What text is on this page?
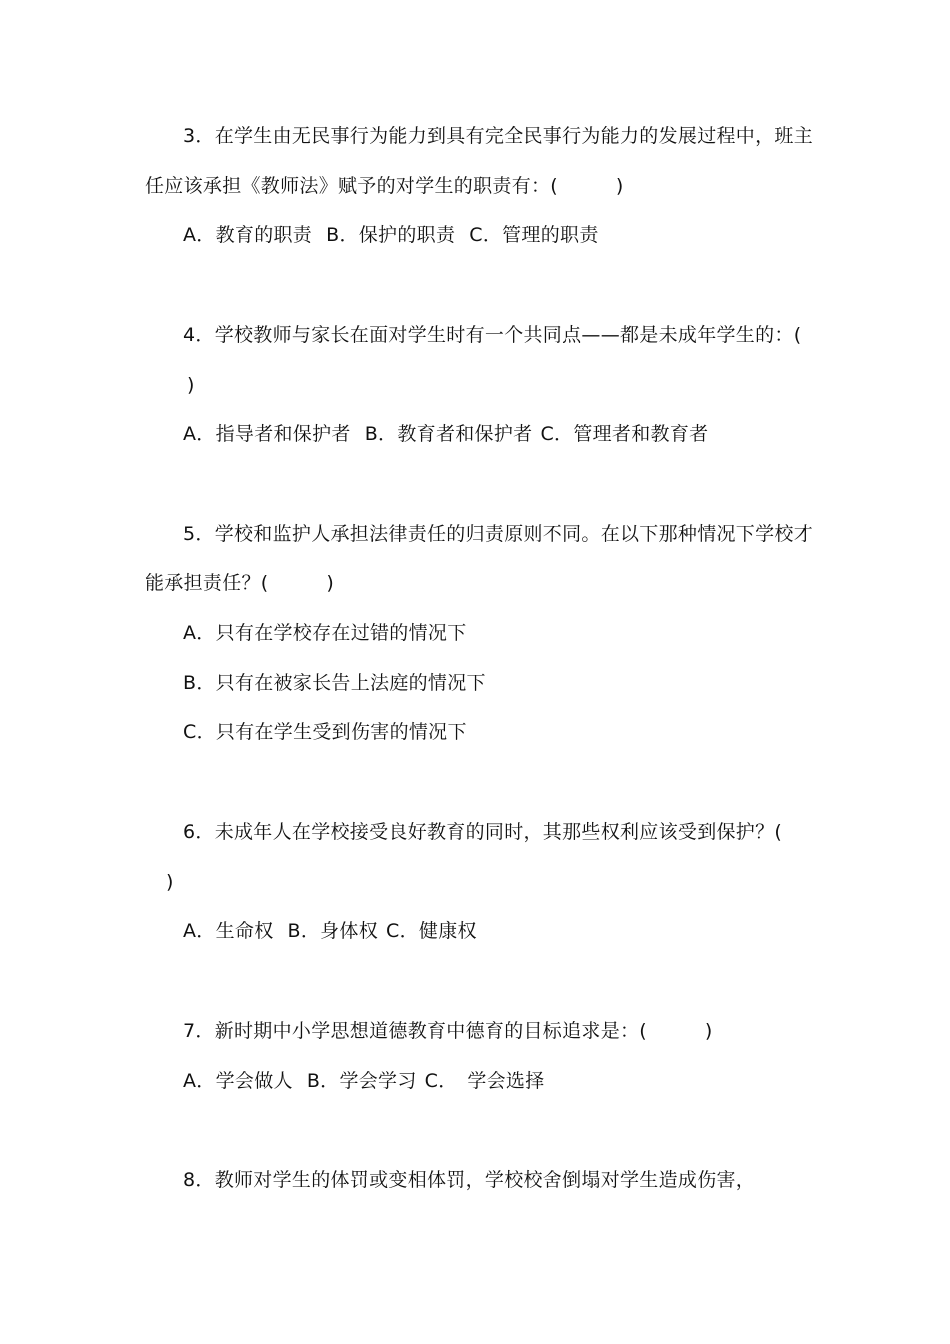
3．在学生由无民事行为能力到具有完全民事行为能力的发展过程中，班主
任应该承担《教师法》赋予的对学生的职责有：(　　　)
A．教育的职责 B．保护的职责 C．管理的职责
4．学校教师与家长在面对学生时有一个共同点——都是未成年学生的：(
)
A．指导者和保护者 B．教育者和保护者 C．管理者和教育者
5．学校和监护人承担法律责任的归责原则不同。在以下那种情况下学校才
能承担责任？(　　　)
A．只有在学校存在过错的情况下
B．只有在被家长告上法庭的情况下
C．只有在学生受到伤害的情况下
6．未成年人在学校接受良好教育的同时，其那些权利应该受到保护？(
)
A．生命权 B．身体权 C．健康权
7．新时期中小学思想道德教育中德育的目标追求是：(　　　)
A．学会做人 B．学会学习 C．　学会选择
8．教师对学生的体罚或变相体罚，学校校舍倒塌对学生造成伤害，
